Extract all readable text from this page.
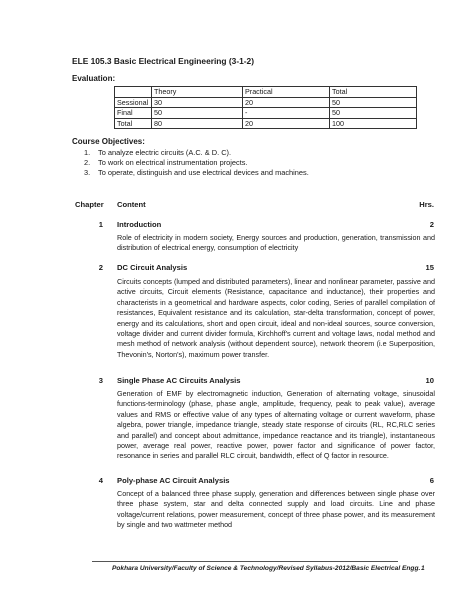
ELE 105.3 Basic Electrical Engineering (3-1-2)
Evaluation:
	Theory	Practical	Total
Sessional	30	20	50
Final	50	-	50
Total	80	20	100
Course Objectives:
1. To analyze electric circuits (A.C. & D. C).
2. To work on electrical instrumentation projects.
3. To operate, distinguish and use electrical devices and machines.
Chapter Content	Hrs.
1 Introduction	2
Role of electricity in modern society, Energy sources and production, generation, transmission and distribution of electrical energy, consumption of electricity
2 DC Circuit Analysis	15
Circuits concepts (lumped and distributed parameters), linear and nonlinear parameter, passive and active circuits, Circuit elements (Resistance, capacitance and inductance), their properties and characterists in a geometrical and hardware aspects, color coding, Series of parallel compilation of resistances, Equivalent resistance and its calculation, star-delta transformation, concept of power, energy and its calculations, short and open circuit, ideal and non-ideal sources, source conversion, voltage divider and current divider formula, Kirchhoff's current and voltage laws, nodal method and mesh method of network analysis (without dependent source), network theorem (i.e Superposition, Thevonin's, Norton's), maximum power transfer.
3 Single Phase AC Circuits Analysis	10
Generation of EMF by electromagnetic induction, Generation of alternating voltage, sinusoidal functions-terminology (phase, phase angle, amplitude, frequency, peak to peak value), average values and RMS or effective value of any types of alternating voltage or current waveform, phase algebra, power triangle, impedance triangle, steady state response of circuits (RL, RC,RLC series and parallel) and concept about admittance, impedance reactance and its triangle), instantaneous power, average real power, reactive power, power factor and significance of power factor, resonance in series and parallel RLC circuit, bandwidth, effect of Q factor in resource.
4 Poly-phase AC Circuit Analysis	6
Concept of a balanced three phase supply, generation and differences between single phase over three phase system, star and delta connected supply and load circuits. Line and phase voltage/current relations, power measurement, concept of three phase power, and its measurement by single and two wattmeter method
Pokhara University/Faculty of Science & Technology/Revised Syllabus-2012/Basic Electrical Engg. 1
